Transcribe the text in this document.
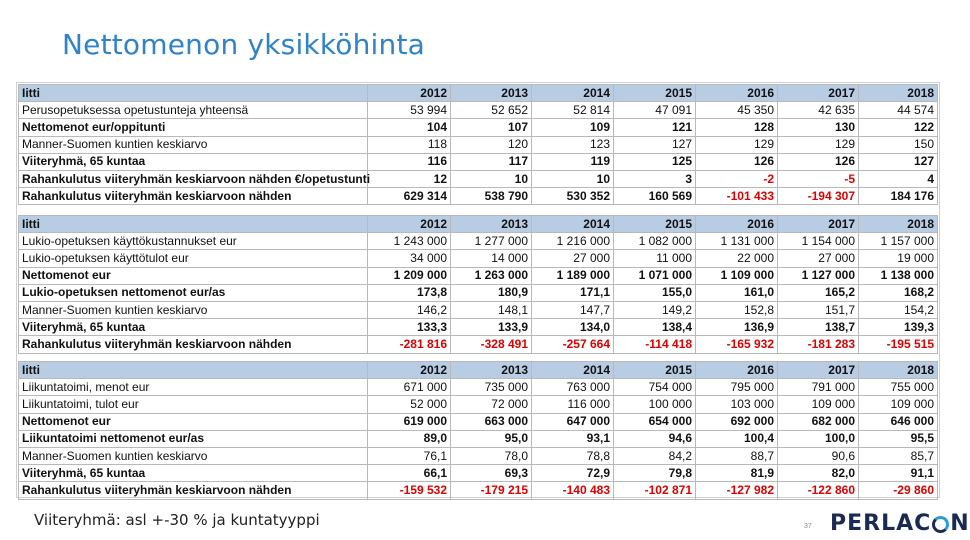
Nettomenon yksikköhinta
Iitti	2012	2013	2014	2015	2016	2017	2018
Perusopetuksessa opetustunteja yhteensä	53 994	52 652	52 814	47 091	45 350	42 635	44 574
Nettomenot eur/oppitunti	104	107	109	121	128	130	122
Manner-Suomen kuntien keskiarvo	118	120	123	127	129	129	150
Viiteryhmä, 65 kuntaa	116	117	119	125	126	126	127
Rahankulutus viiteryhmän keskiarvoon nähden €/opetustunti	12	10	10	3	-2	-5	4
Rahankulutus viiteryhmän keskiarvoon nähden	629 314	538 790	530 352	160 569	-101 433	-194 307	184 176
Iitti	2012	2013	2014	2015	2016	2017	2018
Lukio-opetuksen käyttökustannukset eur	1 243 000	1 277 000	1 216 000	1 082 000	1 131 000	1 154 000	1 157 000
Lukio-opetuksen käyttötulot eur	34 000	14 000	27 000	11 000	22 000	27 000	19 000
Nettomenot eur	1 209 000	1 263 000	1 189 000	1 071 000	1 109 000	1 127 000	1 138 000
Lukio-opetuksen nettomenot eur/as	173,8	180,9	171,1	155,0	161,0	165,2	168,2
Manner-Suomen kuntien keskiarvo	146,2	148,1	147,7	149,2	152,8	151,7	154,2
Viiteryhmä, 65 kuntaa	133,3	133,9	134,0	138,4	136,9	138,7	139,3
Rahankulutus viiteryhmän keskiarvoon nähden	-281 816	-328 491	-257 664	-114 418	-165 932	-181 283	-195 515
Iitti	2012	2013	2014	2015	2016	2017	2018
Liikuntatoimi, menot eur	671 000	735 000	763 000	754 000	795 000	791 000	755 000
Liikuntatoimi, tulot eur	52 000	72 000	116 000	100 000	103 000	109 000	109 000
Nettomenot eur	619 000	663 000	647 000	654 000	692 000	682 000	646 000
Liikuntatoimi nettomenot eur/as	89,0	95,0	93,1	94,6	100,4	100,0	95,5
Manner-Suomen kuntien keskiarvo	76,1	78,0	78,8	84,2	88,7	90,6	85,7
Viiteryhmä, 65 kuntaa	66,1	69,3	72,9	79,8	81,9	82,0	91,1
Rahankulutus viiteryhmän keskiarvoon nähden	-159 532	-179 215	-140 483	-102 871	-127 982	-122 860	-29 860
Viiteryhmä: asl +-30 % ja kuntatyyppi	37 PERLAC N
